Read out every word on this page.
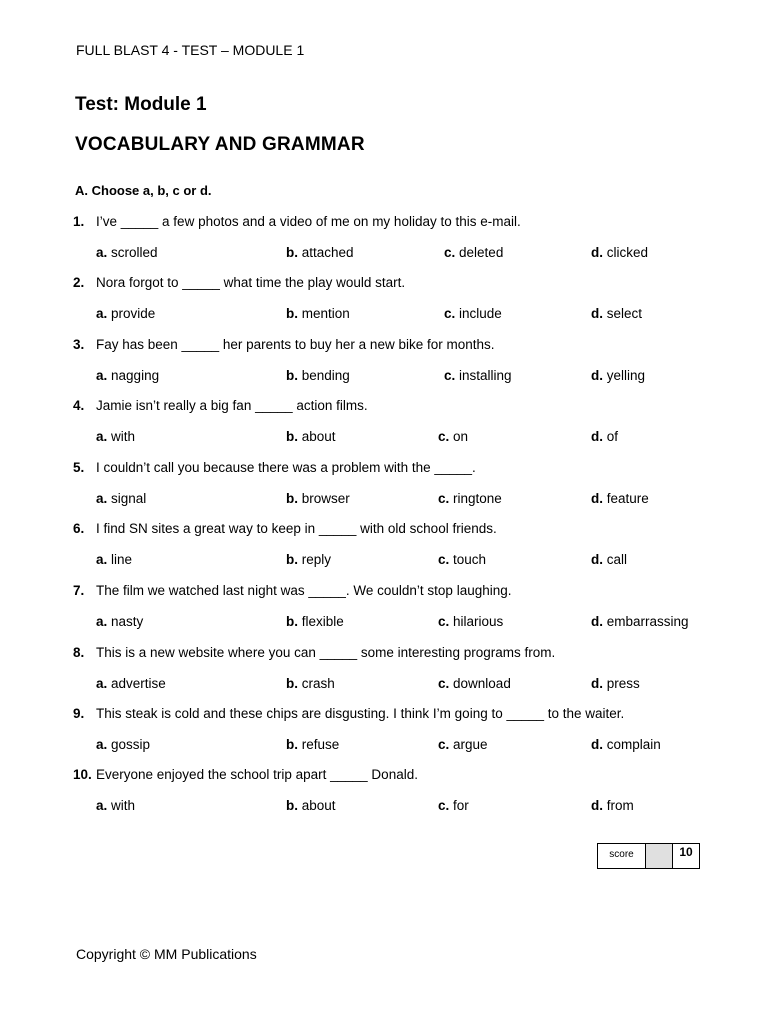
FULL BLAST 4 - TEST – MODULE 1
Test: Module 1
VOCABULARY AND GRAMMAR
A. Choose a, b, c or d.
1. I’ve _____ a few photos and a video of me on my holiday to this e-mail.
a. scrolled	b. attached	c. deleted	d. clicked
2. Nora forgot to _____ what time the play would start.
a. provide	b. mention	c. include	d. select
3. Fay has been _____ her parents to buy her a new bike for months.
a. nagging	b. bending	c. installing	d. yelling
4. Jamie isn’t really a big fan _____ action films.
a. with	b. about	c. on	d. of
5. I couldn’t call you because there was a problem with the _____.
a. signal	b. browser	c. ringtone	d. feature
6. I find SN sites a great way to keep in _____ with old school friends.
a. line	b. reply	c. touch	d. call
7. The film we watched last night was _____. We couldn’t stop laughing.
a. nasty	b. flexible	c. hilarious	d. embarrassing
8. This is a new website where you can _____ some interesting programs from.
a. advertise	b. crash	c. download	d. press
9. This steak is cold and these chips are disgusting. I think I’m going to _____ to the waiter.
a. gossip	b. refuse	c. argue	d. complain
10. Everyone enjoyed the school trip apart _____ Donald.
a. with	b. about	c. for	d. from
score	10
Copyright © MM Publications
